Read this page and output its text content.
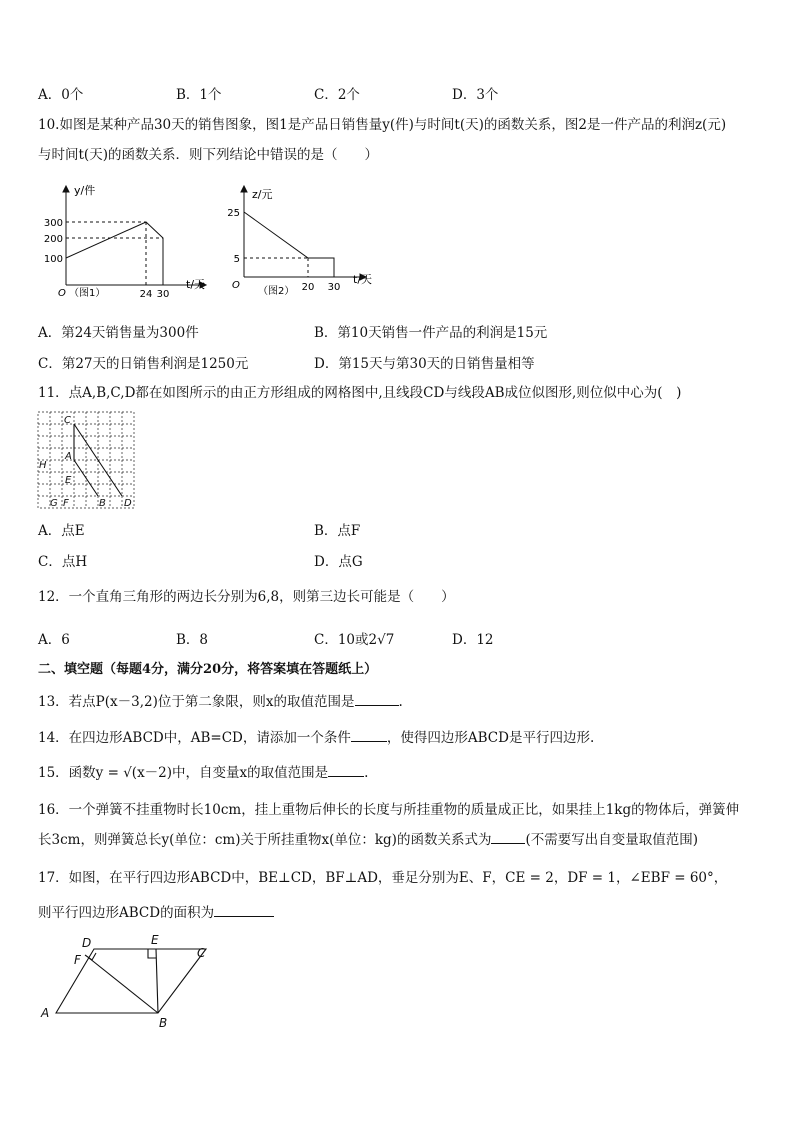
A．0个	B．1个	C．2个	D．3个
10.如图是某种产品30天的销售图象，图1是产品日销售量y(件)与时间t(天)的函数关系，图2是一件产品的利润z(元)
与时间t(天)的函数关系．则下列结论中错误的是（　　）
y/件
300
200
100
O （图1）	24 30
t/天
z/元
25
5
O
（图2） 20 30
t/天
A．第24天销售量为300件	B．第10天销售一件产品的利润是15元
C．第27天的日销售利润是1250元	D．第15天与第30天的日销售量相等
11．点A,B,C,D都在如图所示的由正方形组成的网格图中,且线段CD与线段AB成位似图形,则位似中心为(　)
C
H
A
E
G F	B D
A．点E	B．点F
C．点H	D．点G
12．一个直角三角形的两边长分别为6,8，则第三边长可能是（　　）
A．6	B．8	C．10或2√7	D．12
二、填空题（每题4分，满分20分，将答案填在答题纸上）
13．若点P(x－3,2)位于第二象限，则x的取值范围是	.
14．在四边形ABCD中，AB=CD，请添加一个条件	，使得四边形ABCD是平行四边形.
15．函数y = √(x－2)中，自变量x的取值范围是	.
16．一个弹簧不挂重物时长10cm，挂上重物后伸长的长度与所挂重物的质量成正比，如果挂上1kg的物体后，弹簧伸
长3cm，则弹簧总长y(单位：cm)关于所挂重物x(单位：kg)的函数关系式为	(不需要写出自变量取值范围)
17．如图，在平行四边形ABCD中，BE⊥CD，BF⊥AD，垂足分别为E、F，CE = 2，DF = 1，∠EBF = 60°，
则平行四边形ABCD的面积为
D	E
C
F
A
B
